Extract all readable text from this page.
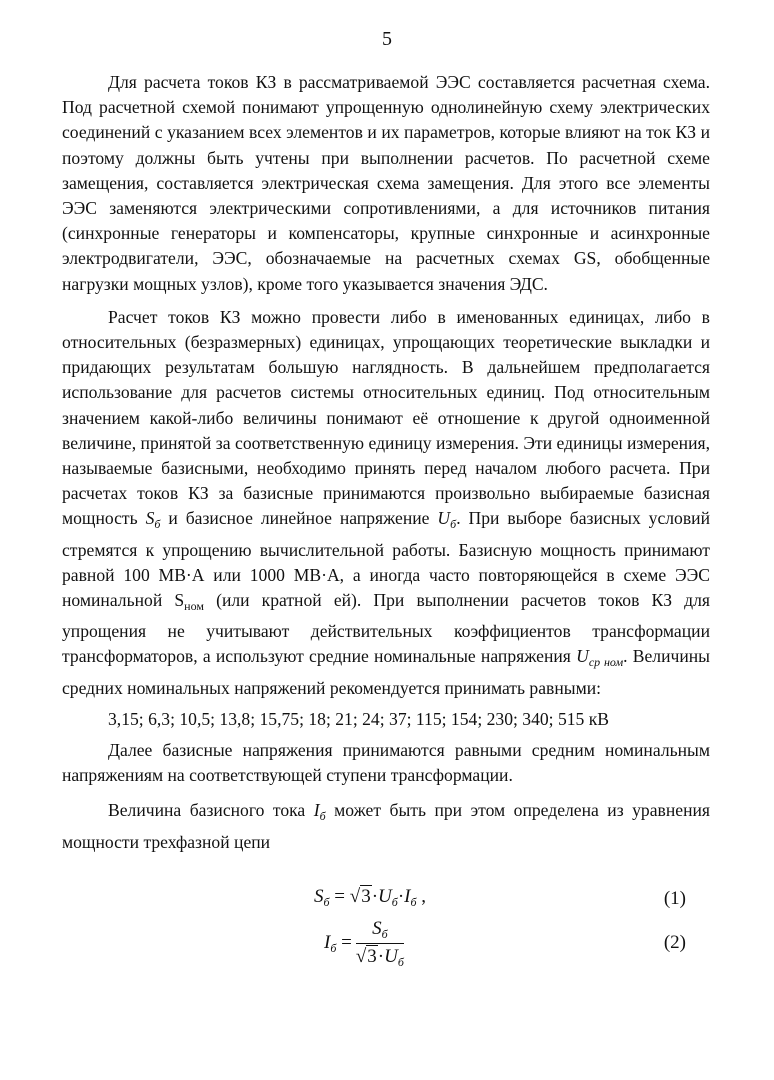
5

Для расчета токов КЗ в рассматриваемой ЭЭС составляется расчетная схема. Под расчетной схемой понимают упрощенную однолинейную схему электрических соединений с указанием всех элементов и их параметров, которые влияют на ток КЗ и поэтому должны быть учтены при выполнении расчетов. По расчетной схеме замещения, составляется электрическая схема замещения. Для этого все элементы ЭЭС заменяются электрическими сопротивлениями, а для источников питания (синхронные генераторы и компенсаторы, крупные синхронные и асинхронные электродвигатели, ЭЭС, обозначаемые на расчетных схемах GS, обобщенные нагрузки мощных узлов), кроме того указывается значения ЭДС.

Расчет токов КЗ можно провести либо в именованных единицах, либо в относительных (безразмерных) единицах, упрощающих теоретические выкладки и придающих результатам большую наглядность. В дальнейшем предполагается использование для расчетов системы относительных единиц. Под относительным значением какой-либо величины понимают её отношение к другой одноименной величине, принятой за соответственную единицу измерения. Эти единицы измерения, называемые базисными, необходимо принять перед началом любого расчета. При расчетах токов КЗ за базисные принимаются произвольно выбираемые базисная мощность $S_б$ и базисное линейное напряжение $U_б$. При выборе базисных условий стремятся к упрощению вычислительной работы. Базисную мощность принимают равной 100 МВ·А или 1000 МВ·А, а иногда часто повторяющейся в схеме ЭЭС номинальной $S_{ном}$ (или кратной ей). При выполнении расчетов токов КЗ для упрощения не учитывают действительных коэффициентов трансформации трансформаторов, а используют средние номинальные напряжения $U_{ср ном}$. Величины средних номинальных напряжений рекомендуется принимать равными:

3,15; 6,3; 10,5; 13,8; 15,75; 18; 21; 24; 37; 115; 154; 230; 340; 515 кВ

Далее базисные напряжения принимаются равными средним номинальным напряжениям на соответствующей ступени трансформации.

Величина базисного тока $I_б$ может быть при этом определена из уравнения мощности трехфазной цепи

$S_б = √3\cdot U_б\cdot I_б$ ,	(1)
$I_б = \frac{S_б}{√3\cdot U_б}$	(2)
